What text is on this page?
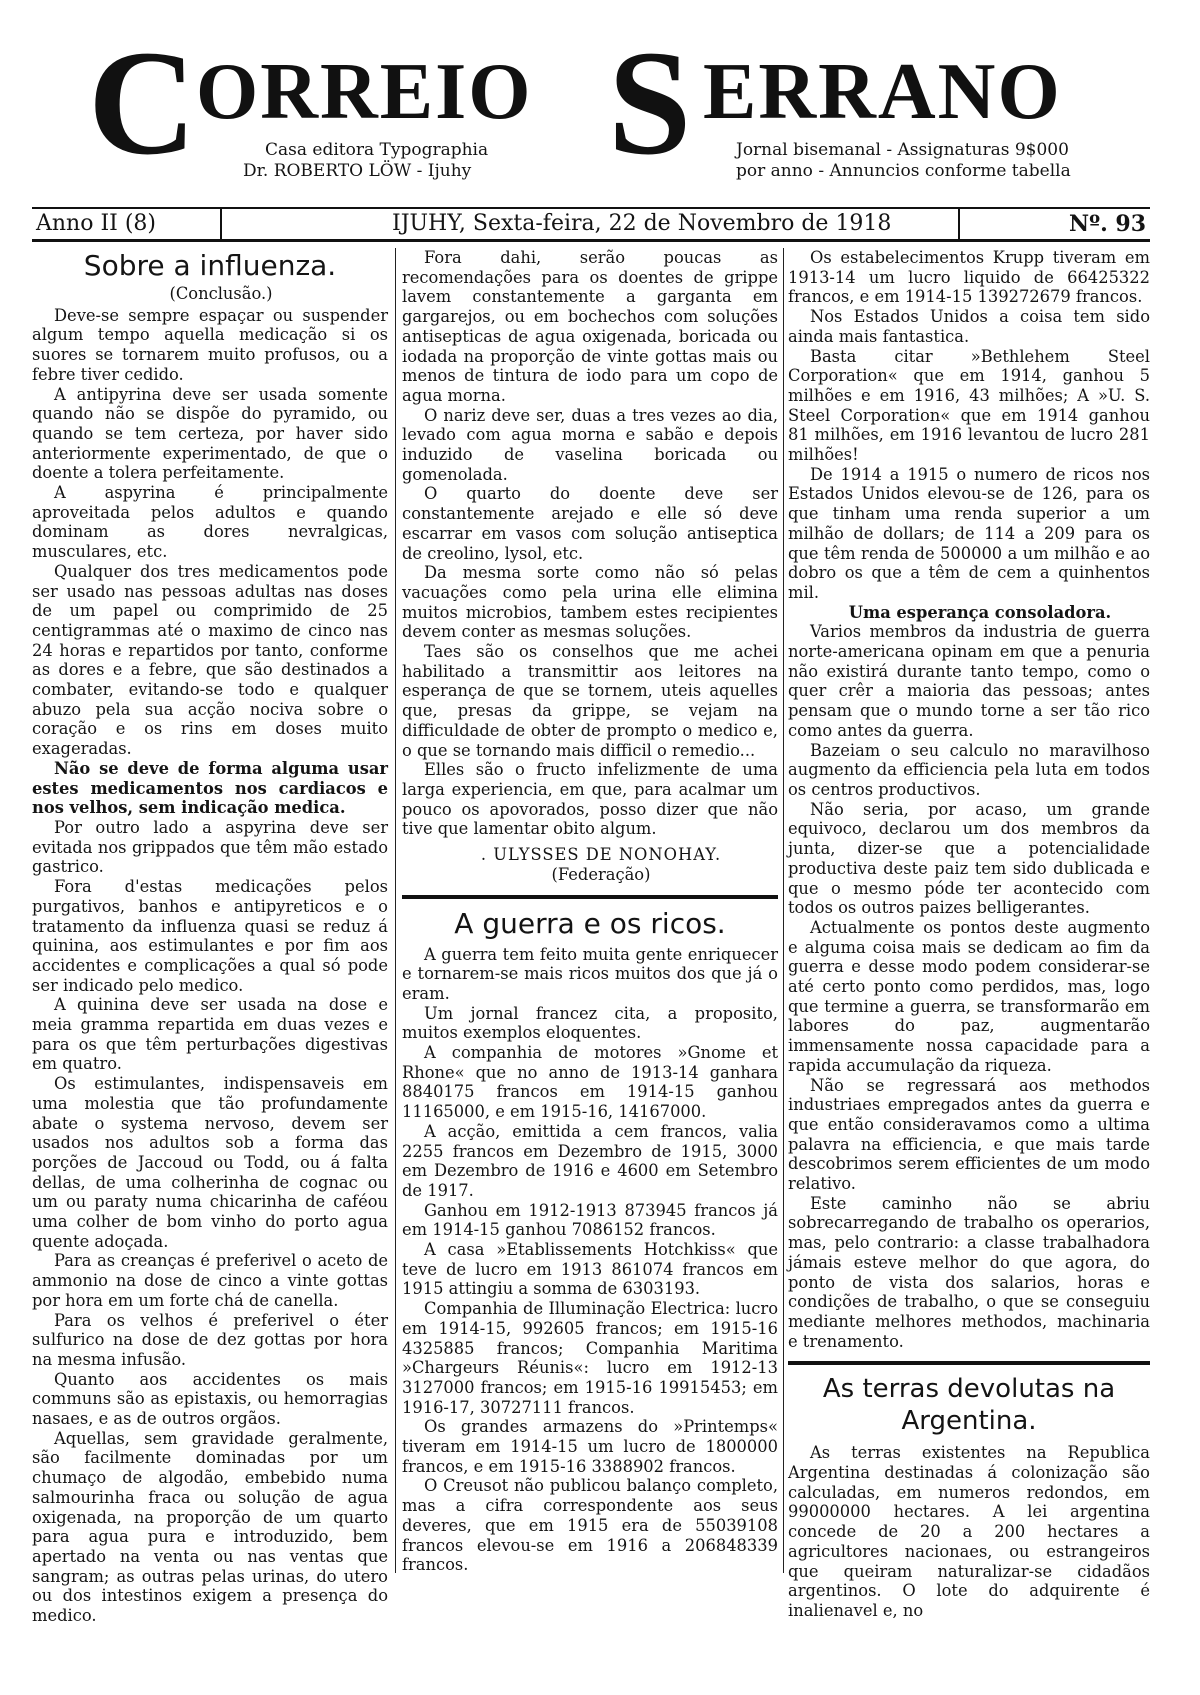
C
ORREIO S ERRANO
Casa editora Typographia
Dr. ROBERTO LÖW - Ijuhy
Jornal bisemanal - Assignaturas 9$000
por anno - Annuncios conforme tabella
Anno II (8)	IJUHY, Sexta-feira, 22 de Novembro de 1918	Nº. 93
Sobre a influenza.

(Conclusão.)

Deve-se sempre espaçar ou suspender algum tempo aquella medicação si os suores se tornarem muito profusos, ou a febre tiver cedido.

A antipyrina deve ser usada somente quando não se dispõe do pyramido, ou quando se tem certeza, por haver sido anteriormente experimentado, de que o doente a tolera perfeitamente.

A aspyrina é principalmente aproveitada pelos adultos e quando dominam as dores nevralgicas, musculares, etc.

Qualquer dos tres medicamentos pode ser usado nas pessoas adultas nas doses de um papel ou comprimido de 25 centigrammas até o maximo de cinco nas 24 horas e repartidos por tanto, conforme as dores e a febre, que são destinados a combater, evitando-se todo e qualquer abuzo pela sua acção nociva sobre o coração e os rins em doses muito exageradas.

Não se deve de forma alguma usar estes medicamentos nos cardiacos e nos velhos, sem indicação medica.

Por outro lado a aspyrina deve ser evitada nos grippados que têm mão estado gastrico.

Fora d'estas medicações pelos purgativos, banhos e antipyreticos e o tratamento da influenza quasi se reduz á quinina, aos estimulantes e por fim aos accidentes e complicações a qual só pode ser indicado pelo medico.

A quinina deve ser usada na dose e meia gramma repartida em duas vezes e para os que têm perturbações digestivas em quatro.

Os estimulantes, indispensaveis em uma molestia que tão profundamente abate o systema nervoso, devem ser usados nos adultos sob a forma das porções de Jaccoud ou Todd, ou á falta dellas, de uma colherinha de cognac ou um ou paraty numa chicarinha de caféou uma colher de bom vinho do porto agua quente adoçada.

Para as creanças é preferivel o aceto de ammonio na dose de cinco a vinte gottas por hora em um forte chá de canella.

Para os velhos é preferivel o éter sulfurico na dose de dez gottas por hora na mesma infusão.

Quanto aos accidentes os mais communs são as epistaxis, ou hemorragias nasaes, e as de outros orgãos.

Aquellas, sem gravidade geralmente, são facilmente dominadas por um chumaço de algodão, embebido numa salmourinha fraca ou solução de agua oxigenada, na proporção de um quarto para agua pura e introduzido, bem apertado na venta ou nas ventas que sangram; as outras pelas urinas, do utero ou dos intestinos exigem a presença do medico.

Fora dahi, serão poucas as recomendações para os doentes de grippe lavem constantemente a garganta em gargarejos, ou em bochechos com soluções antisepticas de agua oxigenada, boricada ou iodada na proporção de vinte gottas mais ou menos de tintura de iodo para um copo de agua morna.

O nariz deve ser, duas a tres vezes ao dia, levado com agua morna e sabão e depois induzido de vaselina boricada ou gomenolada.

O quarto do doente deve ser constantemente arejado e elle só deve escarrar em vasos com solução antiseptica de creolino, lysol, etc.

Da mesma sorte como não só pelas vacuações como pela urina elle elimina muitos microbios, tambem estes recipientes devem conter as mesmas soluções.

Taes são os conselhos que me achei habilitado a transmittir aos leitores na esperança de que se tornem, uteis aquelles que, presas da grippe, se vejam na difficuldade de obter de prompto o medico e, o que se tornando mais difficil o remedio...

Elles são o fructo infelizmente de uma larga experiencia, em que, para acalmar um pouco os apovorados, posso dizer que não tive que lamentar obito algum.

. ULYSSES DE NONOHAY.

(Federação)

A guerra e os ricos.

A guerra tem feito muita gente enriquecer e tornarem-se mais ricos muitos dos que já o eram.

Um jornal francez cita, a proposito, muitos exemplos eloquentes.

A companhia de motores »Gnome et Rhone« que no anno de 1913-14 ganhara 8840175 francos em 1914-15 ganhou 11165000, e em 1915-16, 14167000.

A acção, emittida a cem francos, valia 2255 francos em Dezembro de 1915, 3000 em Dezembro de 1916 e 4600 em Setembro de 1917.

Ganhou em 1912-1913 873945 francos já em 1914-15 ganhou 7086152 francos.

A casa »Etablissements Hotchkiss« que teve de lucro em 1913 861074 francos em 1915 attingiu a somma de 6303193.

Companhia de Illuminação Electrica: lucro em 1914-15, 992605 francos; em 1915-16 4325885 francos; Companhia Maritima »Chargeurs Réunis«: lucro em 1912-13 3127000 francos; em 1915-16 19915453; em 1916-17, 30727111 francos.

Os grandes armazens do »Printemps« tiveram em 1914-15 um lucro de 1800000 francos, e em 1915-16 3388902 francos.

O Creusot não publicou balanço completo, mas a cifra correspondente aos seus deveres, que em 1915 era de 55039108 francos elevou-se em 1916 a 206848339 francos.

Os estabelecimentos Krupp tiveram em 1913-14 um lucro liquido de 66425322 francos, e em 1914-15 139272679 francos.

Nos Estados Unidos a coisa tem sido ainda mais fantastica.

Basta citar »Bethlehem Steel Corporation« que em 1914, ganhou 5 milhões e em 1916, 43 milhões; A »U. S. Steel Corporation« que em 1914 ganhou 81 milhões, em 1916 levantou de lucro 281 milhões!

De 1914 a 1915 o numero de ricos nos Estados Unidos elevou-se de 126, para os que tinham uma renda superior a um milhão de dollars; de 114 a 209 para os que têm renda de 500000 a um milhão e ao dobro os que a têm de cem a quinhentos mil.

Uma esperança consoladora.

Varios membros da industria de guerra norte-americana opinam em que a penuria não existirá durante tanto tempo, como o quer crêr a maioria das pessoas; antes pensam que o mundo torne a ser tão rico como antes da guerra.

Bazeiam o seu calculo no maravilhoso augmento da efficiencia pela luta em todos os centros productivos.

Não seria, por acaso, um grande equivoco, declarou um dos membros da junta, dizer-se que a potencialidade productiva deste paiz tem sido dublicada e que o mesmo póde ter acontecido com todos os outros paizes belligerantes.

Actualmente os pontos deste augmento e alguma coisa mais se dedicam ao fim da guerra e desse modo podem considerar-se até certo ponto como perdidos, mas, logo que termine a guerra, se transformarão em labores do paz, augmentarão immensamente nossa capacidade para a rapida accumulação da riqueza.

Não se regressará aos methodos industriaes empregados antes da guerra e que então consideravamos como a ultima palavra na efficiencia, e que mais tarde descobrimos serem efficientes de um modo relativo.

Este caminho não se abriu sobrecarregando de trabalho os operarios, mas, pelo contrario: a classe trabalhadora jámais esteve melhor do que agora, do ponto de vista dos salarios, horas e condições de trabalho, o que se conseguiu mediante melhores methodos, machinaria e trenamento.

As terras devolutas na Argentina.

As terras existentes na Republica Argentina destinadas á colonização são calculadas, em numeros redondos, em 99000000 hectares. A lei argentina concede de 20 a 200 hectares a agricultores nacionaes, ou estrangeiros que queiram naturalizar-se cidadãos argentinos. O lote do adquirente é inalienavel e, no
